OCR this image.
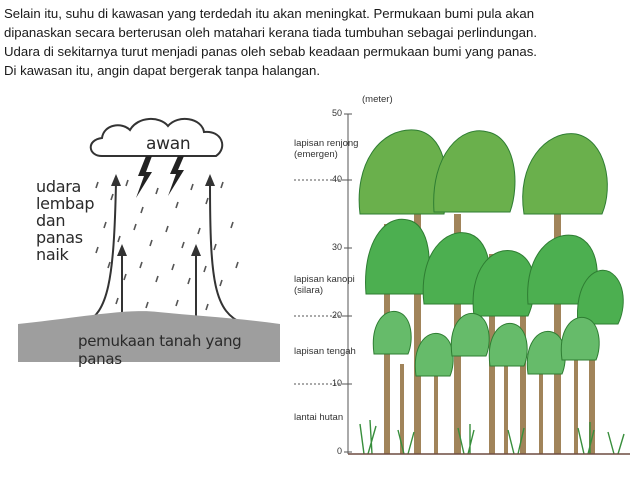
Selain itu, suhu di kawasan yang terdedah itu akan meningkat. Permukaan bumi pula akan
dipanaskan secara berterusan oleh matahari kerana tiada tumbuhan sebagai perlindungan.
Udara di sekitarnya turut menjadi panas oleh sebab keadaan permukaan bumi yang panas.
Di kawasan itu, angin dapat bergerak tanpa halangan.
awan
udara
lembap
dan
panas
naik
pemukaan tanah yang panas
(meter)
50
40
30
20
10
0
lapisan renjong
(emergen)
lapisan kanopi
(silara)
lapisan tengah
lantai hutan
